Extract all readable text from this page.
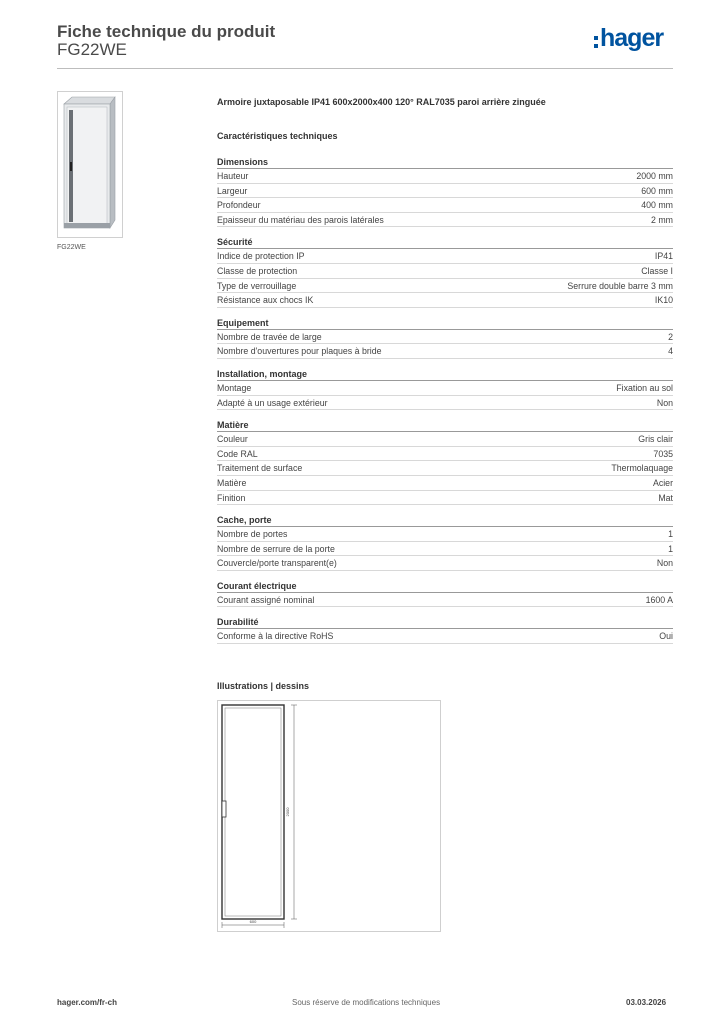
Fiche technique du produit
FG22WE	hager
FG22WE
Armoire juxtaposable IP41 600x2000x400 120° RAL7035 paroi arrière zinguée
Caractéristiques techniques
Dimensions
Hauteur	2000 mm
Largeur	600 mm
Profondeur	400 mm
Epaisseur du matériau des parois latérales	2 mm
Sécurité
Indice de protection IP	IP41
Classe de protection	Classe I
Type de verrouillage	Serrure double barre 3 mm
Résistance aux chocs IK	IK10
Equipement
Nombre de travée de large	2
Nombre d'ouvertures pour plaques à bride	4
Installation, montage
Montage	Fixation au sol
Adapté à un usage extérieur	Non
Matière
Couleur	Gris clair
Code RAL	7035
Traitement de surface	Thermolaquage
Matière	Acier
Finition	Mat
Cache, porte
Nombre de portes	1
Nombre de serrure de la porte	1
Couvercle/porte transparent(e)	Non
Courant électrique
Courant assigné nominal	1600 A
Durabilité
Conforme à la directive RoHS	Oui
Illustrations | dessins
2000
600
hager.com/fr-ch	Sous réserve de modifications techniques	03.03.2026
